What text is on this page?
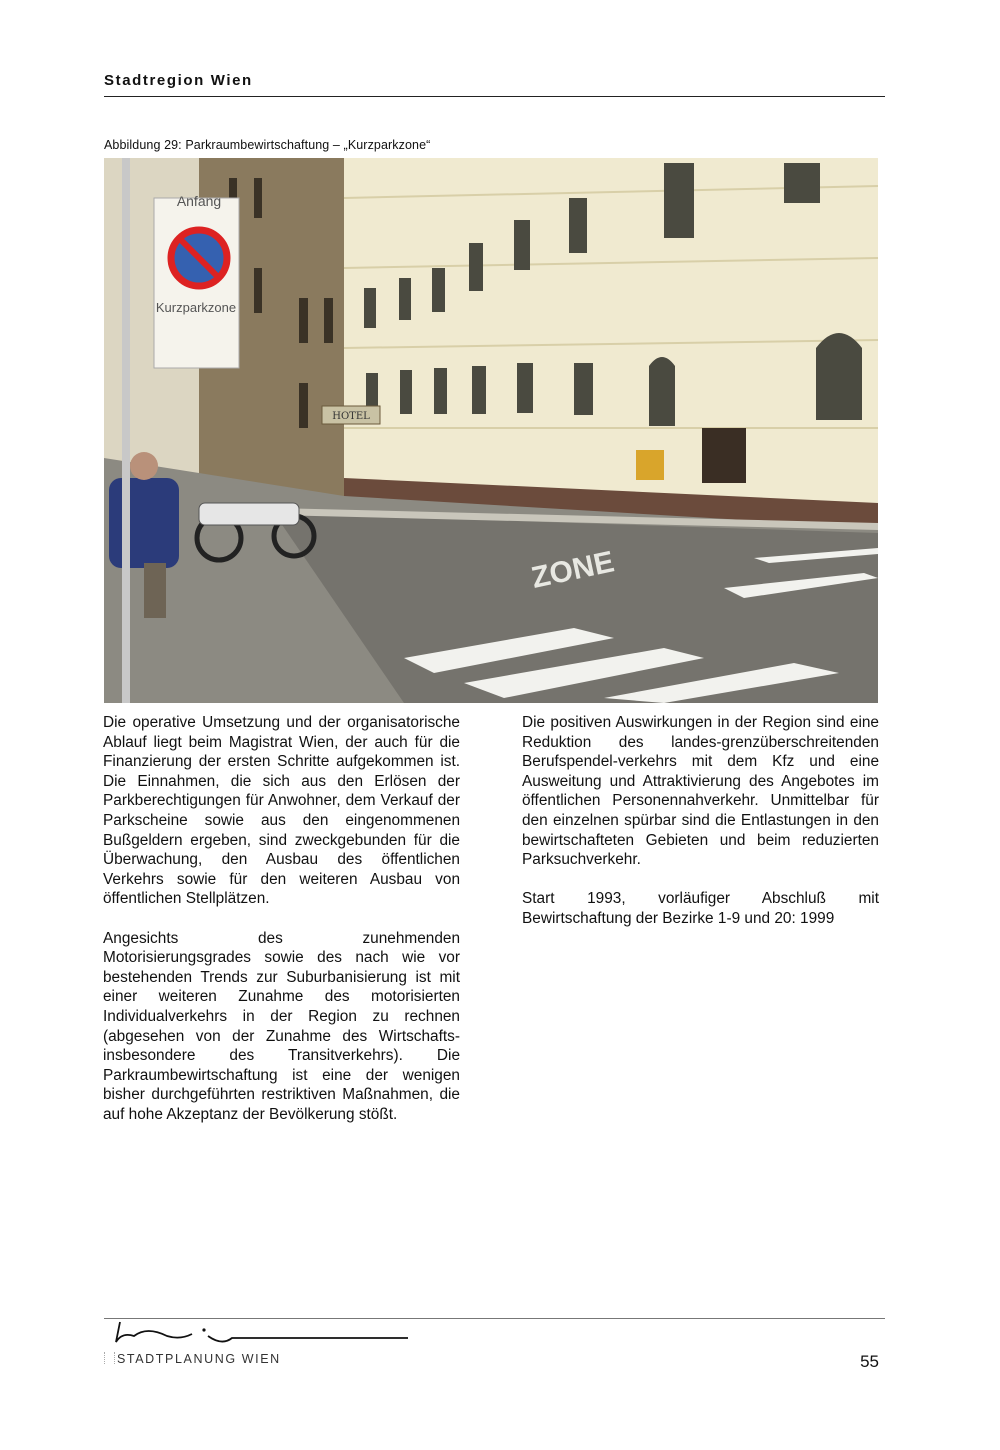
Stadtregion Wien
Abbildung 29: Parkraumbewirtschaftung – „Kurzparkzone“
HOTEL
ZONE
Anfang
Kurzparkzone

Die operative Umsetzung und der organisatorische Ablauf liegt beim Magistrat Wien, der auch für die Finanzierung der ersten Schritte aufgekommen ist. Die Einnahmen, die sich aus den Erlösen der Parkberechtigungen für Anwohner, dem Verkauf der Parkscheine sowie aus den eingenommenen Bußgeldern ergeben, sind zweckgebunden für die Überwachung, den Ausbau des öffentlichen Verkehrs sowie für den weiteren Ausbau von öffentlichen Stellplätzen.

Angesichts des zunehmenden Motorisierungsgrades sowie des nach wie vor bestehenden Trends zur Suburbanisierung ist mit einer weiteren Zunahme des motorisierten Individualverkehrs in der Region zu rechnen (abgesehen von der Zunahme des Wirtschafts- insbesondere des Transitverkehrs). Die Parkraumbewirtschaftung ist eine der wenigen bisher durchgeführten restriktiven Maßnahmen, die auf hohe Akzeptanz der Bevölkerung stößt.

Die positiven Auswirkungen in der Region sind eine Reduktion des landes-grenzüberschreitenden Berufspendel-verkehrs mit dem Kfz und eine Ausweitung und Attraktivierung des Angebotes im öffentlichen Personennahverkehr. Unmittelbar für den einzelnen spürbar sind die Entlastungen in den bewirtschafteten Gebieten und beim reduzierten Parksuchverkehr.

Start 1993, vorläufiger Abschluß mit Bewirtschaftung der Bezirke 1-9 und 20: 1999

STADTPLANUNG WIEN	55
